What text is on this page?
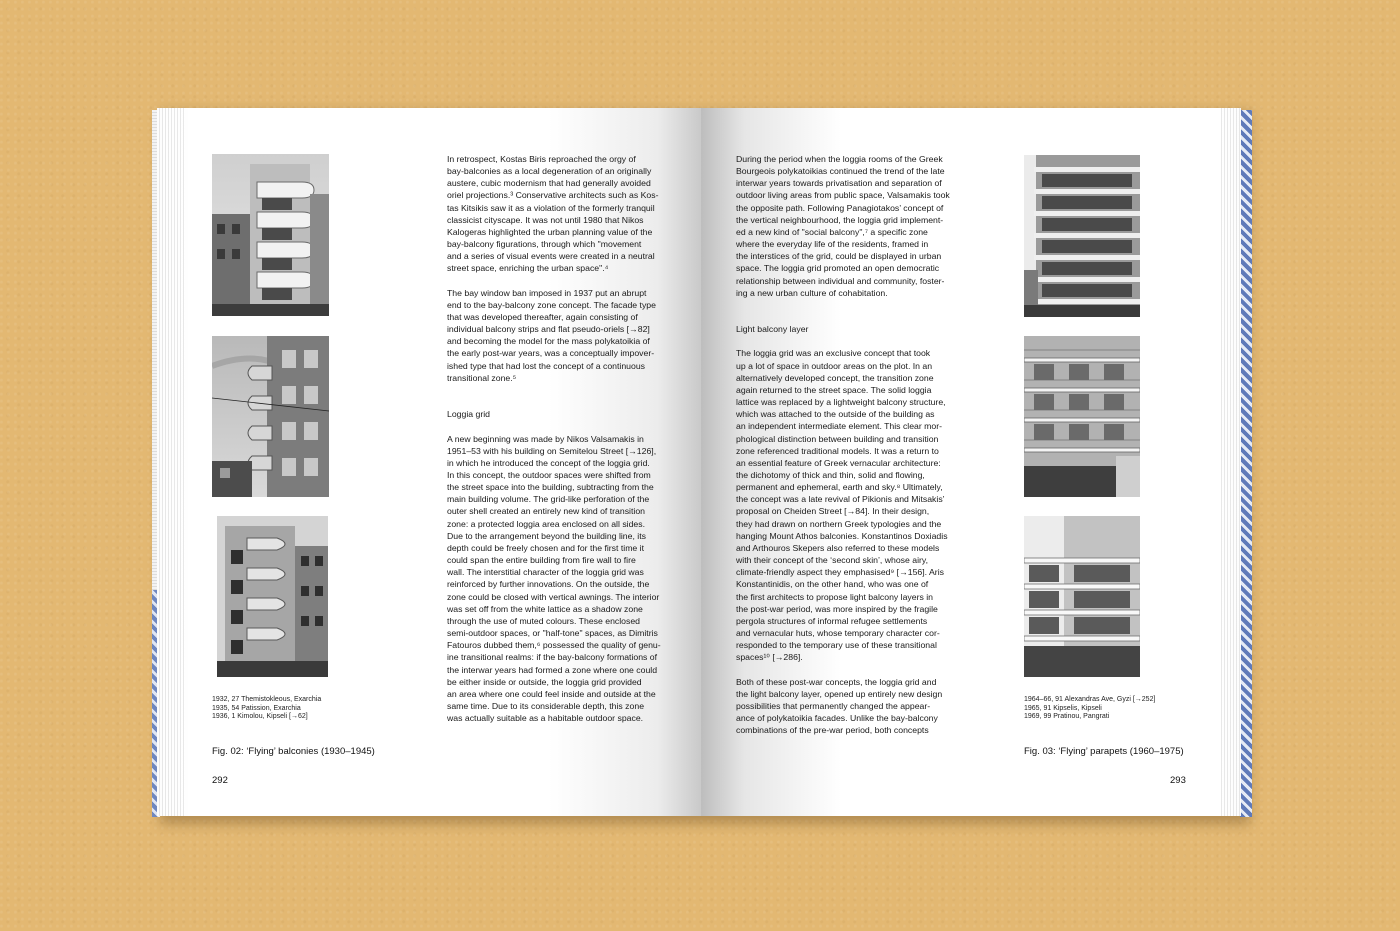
1932, 27 Themistokleous, Exarchia
1935, 54 Patission, Exarchia
1936, 1 Kimolou, Kipseli [→62]
Fig. 02: ‘Flying’ balconies (1930–1945)
292
In retrospect, Kostas Biris reproached the orgy of
bay-balconies as a local degeneration of an originally
austere, cubic modernism that had generally avoided
oriel projections.³ Conservative architects such as Kos-
tas Kitsikis saw it as a violation of the formerly tranquil
classicist cityscape. It was not until 1980 that Nikos
Kalogeras highlighted the urban planning value of the
bay-balcony figurations, through which "movement
and a series of visual events were created in a neutral
street space, enriching the urban space".⁴
The bay window ban imposed in 1937 put an abrupt
end to the bay-balcony zone concept. The facade type
that was developed thereafter, again consisting of
individual balcony strips and flat pseudo-oriels [→82]
and becoming the model for the mass polykatoikia of
the early post-war years, was a conceptually impover-
ished type that had lost the concept of a continuous
transitional zone.⁵
Loggia grid
A new beginning was made by Nikos Valsamakis in
1951–53 with his building on Semitelou Street [→126],
in which he introduced the concept of the loggia grid.
In this concept, the outdoor spaces were shifted from
the street space into the building, subtracting from the
main building volume. The grid-like perforation of the
outer shell created an entirely new kind of transition
zone: a protected loggia area enclosed on all sides.
Due to the arrangement beyond the building line, its
depth could be freely chosen and for the first time it
could span the entire building from fire wall to fire
wall. The interstitial character of the loggia grid was
reinforced by further innovations. On the outside, the
zone could be closed with vertical awnings. The interior
was set off from the white lattice as a shadow zone
through the use of muted colours. These enclosed
semi-outdoor spaces, or "half-tone" spaces, as Dimitris
Fatouros dubbed them,⁶ possessed the quality of genu-
ine transitional realms: if the bay-balcony formations of
the interwar years had formed a zone where one could
be either inside or outside, the loggia grid provided
an area where one could feel inside and outside at the
same time. Due to its considerable depth, this zone
was actually suitable as a habitable outdoor space.
1964–66, 91 Alexandras Ave, Gyzi [→252]
1965, 91 Kipselis, Kipseli
1969, 99 Pratinou, Pangrati
Fig. 03: ‘Flying’ parapets (1960–1975)
293
During the period when the loggia rooms of the Greek
Bourgeois polykatoikias continued the trend of the late
interwar years towards privatisation and separation of
outdoor living areas from public space, Valsamakis took
the opposite path. Following Panagiotakos’ concept of
the vertical neighbourhood, the loggia grid implement-
ed a new kind of "social balcony",⁷ a specific zone
where the everyday life of the residents, framed in
the interstices of the grid, could be displayed in urban
space. The loggia grid promoted an open democratic
relationship between individual and community, foster-
ing a new urban culture of cohabitation.
Light balcony layer
The loggia grid was an exclusive concept that took
up a lot of space in outdoor areas on the plot. In an
alternatively developed concept, the transition zone
again returned to the street space. The solid loggia
lattice was replaced by a lightweight balcony structure,
which was attached to the outside of the building as
an independent intermediate element. This clear mor-
phological distinction between building and transition
zone referenced traditional models. It was a return to
an essential feature of Greek vernacular architecture:
the dichotomy of thick and thin, solid and flowing,
permanent and ephemeral, earth and sky.⁸ Ultimately,
the concept was a late revival of Pikionis and Mitsakis’
proposal on Cheiden Street [→84]. In their design,
they had drawn on northern Greek typologies and the
hanging Mount Athos balconies. Konstantinos Doxiadis
and Arthouros Skepers also referred to these models
with their concept of the ‘second skin’, whose airy,
climate-friendly aspect they emphasised⁹ [→156]. Aris
Konstantinidis, on the other hand, who was one of
the first architects to propose light balcony layers in
the post-war period, was more inspired by the fragile
pergola structures of informal refugee settlements
and vernacular huts, whose temporary character cor-
responded to the temporary use of these transitional
spaces¹⁰ [→286].
Both of these post-war concepts, the loggia grid and
the light balcony layer, opened up entirely new design
possibilities that permanently changed the appear-
ance of polykatoikia facades. Unlike the bay-balcony
combinations of the pre-war period, both concepts
